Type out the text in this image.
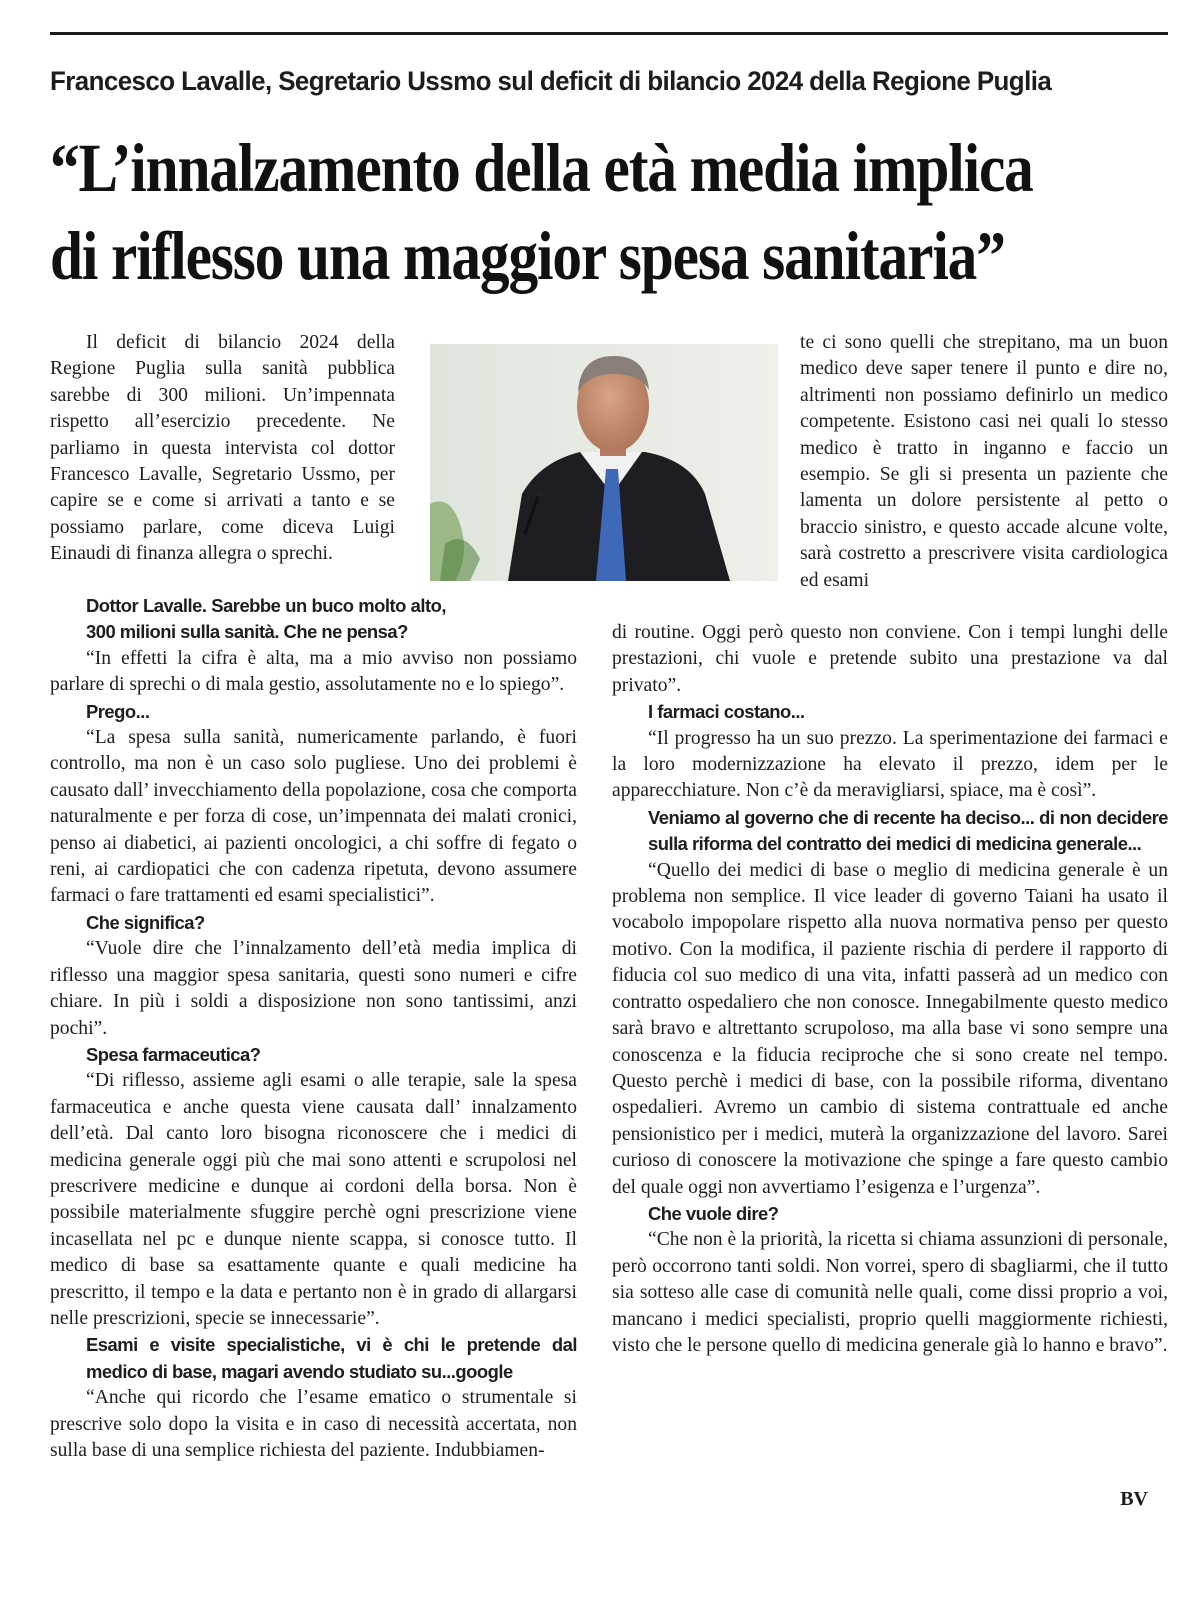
Francesco Lavalle, Segretario Ussmo sul deficit di bilancio 2024 della Regione Puglia
“L’innalzamento della età media implica
di riflesso una maggior spesa sanitaria”

Il deficit di bilancio 2024 della Regione Puglia sulla sanità pubblica sarebbe di 300 milioni. Un’impennata rispetto all’esercizio precedente. Ne parliamo in questa intervista col dottor Francesco Lavalle, Segretario Ussmo, per capire se e come si arrivati a tanto e se possiamo parlare, come diceva Luigi Einaudi di finanza allegra o sprechi.

Dottor Lavalle. Sarebbe un buco molto alto, 300 milioni sulla sanità. Che ne pensa?

“In effetti la cifra è alta, ma a mio avviso non possiamo parlare di sprechi o di mala gestio, assolutamente no e lo spiego”.

Prego...

“La spesa sulla sanità, numericamente parlando, è fuori controllo, ma non è un caso solo pugliese. Uno dei problemi è causato dall’ invecchiamento della popolazione, cosa che comporta naturalmente e per forza di cose, un’impennata dei malati cronici, penso ai diabetici, ai pazienti oncologici, a chi soffre di fegato o reni, ai cardiopatici che con cadenza ripetuta, devono assumere farmaci o fare trattamenti ed esami specialistici”.

Che significa?

“Vuole dire che l’innalzamento dell’età media implica di riflesso una maggior spesa sanitaria, questi sono numeri e cifre chiare. In più i soldi a disposizione non sono tantissimi, anzi pochi”.

Spesa farmaceutica?

“Di riflesso, assieme agli esami o alle terapie, sale la spesa farmaceutica e anche questa viene causata dall’ innalzamento dell’età. Dal canto loro bisogna riconoscere che i medici di medicina generale oggi più che mai sono attenti e scrupolosi nel prescrivere medicine e dunque ai cordoni della borsa. Non è possibile materialmente sfuggire perchè ogni prescrizione viene incasellata nel pc e dunque niente scappa, si conosce tutto. Il medico di base sa esattamente quante e quali medicine ha prescritto, il tempo e la data e pertanto non è in grado di allargarsi nelle prescrizioni, specie se innecessarie”.

Esami e visite specialistiche, vi è chi le pretende dal medico di base, magari avendo studiato su...google

“Anche qui ricordo che l’esame ematico o strumentale si prescrive solo dopo la visita e in caso di necessità accertata, non sulla base di una semplice richiesta del paziente. Indubbiamen-

te ci sono quelli che strepitano, ma un buon medico deve saper tenere il punto e dire no, altrimenti non possiamo definirlo un medico competente. Esistono casi nei quali lo stesso medico è tratto in inganno e faccio un esempio. Se gli si presenta un paziente che lamenta un dolore persistente al petto o braccio sinistro, e questo accade alcune volte, sarà costretto a prescrivere visita cardiologica ed esami

di routine. Oggi però questo non conviene. Con i tempi lunghi delle prestazioni, chi vuole e pretende subito una prestazione va dal privato”.

I farmaci costano...

“Il progresso ha un suo prezzo. La sperimentazione dei farmaci e la loro modernizzazione ha elevato il prezzo, idem per le apparecchiature. Non c’è da meravigliarsi, spiace, ma è così”.

Veniamo al governo che di recente ha deciso... di non decidere sulla riforma del contratto dei medici di medicina generale...

“Quello dei medici di base o meglio di medicina generale è un problema non semplice. Il vice leader di governo Taiani ha usato il vocabolo impopolare rispetto alla nuova normativa penso per questo motivo. Con la modifica, il paziente rischia di perdere il rapporto di fiducia col suo medico di una vita, infatti passerà ad un medico con contratto ospedaliero che non conosce. Innegabilmente questo medico sarà bravo e altrettanto scrupoloso, ma alla base vi sono sempre una conoscenza e la fiducia reciproche che si sono create nel tempo. Questo perchè i medici di base, con la possibile riforma, diventano ospedalieri. Avremo un cambio di sistema contrattuale ed anche pensionistico per i medici, muterà la organizzazione del lavoro. Sarei curioso di conoscere la motivazione che spinge a fare questo cambio del quale oggi non avvertiamo l’esigenza e l’urgenza”.

Che vuole dire?

“Che non è la priorità, la ricetta si chiama assunzioni di personale, però occorrono tanti soldi. Non vorrei, spero di sbagliarmi, che il tutto sia sotteso alle case di comunità nelle quali, come dissi proprio a voi, mancano i medici specialisti, proprio quelli maggiormente richiesti, visto che le persone quello di medicina generale già lo hanno e bravo”.

BV
